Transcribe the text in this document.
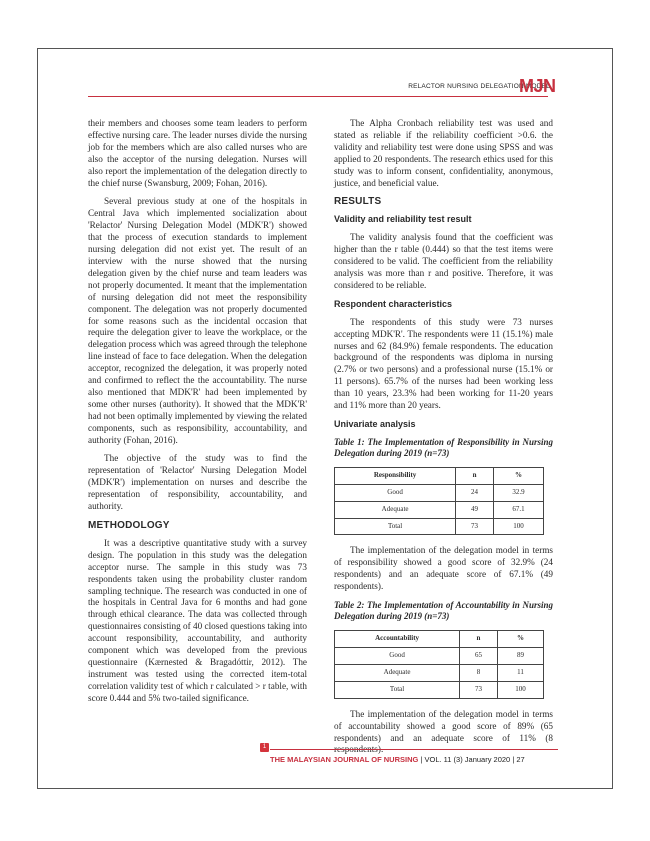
RELACTOR NURSING DELEGATION MODEL
MJN

their members and chooses some team leaders to perform effective nursing care. The leader nurses divide the nursing job for the members which are also called nurses who are also the acceptor of the nursing delegation. Nurses will also report the implementation of the delegation directly to the chief nurse (Swansburg, 2009; Fohan, 2016).

Several previous study at one of the hospitals in Central Java which implemented socialization about 'Relactor' Nursing Delegation Model (MDK'R') showed that the process of execution standards to implement nursing delegation did not exist yet. The result of an interview with the nurse showed that the nursing delegation given by the chief nurse and team leaders was not properly documented. It meant that the implementation of nursing delegation did not meet the responsibility component. The delegation was not properly documented for some reasons such as the incidental occasion that require the delegation giver to leave the workplace, or the delegation process which was agreed through the telephone line instead of face to face delegation. When the delegation acceptor, recognized the delegation, it was properly noted and confirmed to reflect the the accountability. The nurse also mentioned that MDK'R' had been implemented by some other nurses (authority). It showed that the MDK'R' had not been optimally implemented by viewing the related components, such as responsibility, accountability, and authority (Fohan, 2016).

The objective of the study was to find the representation of 'Relactor' Nursing Delegation Model (MDK'R') implementation on nurses and describe the representation of responsibility, accountability, and authority.

METHODOLOGY

It was a descriptive quantitative study with a survey design. The population in this study was the delegation acceptor nurse. The sample in this study was 73 respondents taken using the probability cluster random sampling technique. The research was conducted in one of the hospitals in Central Java for 6 months and had gone through ethical clearance. The data was collected through questionnaires consisting of 40 closed questions taking into account responsibility, accountability, and authority component which was developed from the previous questionnaire (Kærnested & Bragadóttir, 2012). The instrument was tested using the corrected item-total correlation validity test of which r calculated > r table, with score 0.444 and 5% two-tailed significance.

The Alpha Cronbach reliability test was used and stated as reliable if the reliability coefficient >0.6. the validity and reliability test were done using SPSS and was applied to 20 respondents. The research ethics used for this study was to inform consent, confidentiality, anonymous, justice, and beneficial value.

RESULTS
Validity and reliability test result

The validity analysis found that the coefficient was higher than the r table (0.444) so that the test items were considered to be valid. The coefficient from the reliability analysis was more than r and positive. Therefore, it was considered to be reliable.

Respondent characteristics

The respondents of this study were 73 nurses accepting MDK'R'. The respondents were 11 (15.1%) male nurses and 62 (84.9%) female respondents. The education background of the respondents was diploma in nursing (2.7% or two persons) and a professional nurse (15.1% or 11 persons). 65.7% of the nurses had been working less than 10 years, 23.3% had been working for 11-20 years and 11% more than 20 years.

Univariate analysis
Table 1: The Implementation of Responsibility in Nursing Delegation during 2019 (n=73)
Responsibility	n	%
Good	24	32.9
Adequate	49	67.1
Total	73	100

The implementation of the delegation model in terms of responsibility showed a good score of 32.9% (24 respondents) and an adequate score of 67.1% (49 respondents).

Table 2: The Implementation of Accountability in Nursing Delegation during 2019 (n=73)
Accountability	n	%
Good	65	89
Adequate	8	11
Total	73	100

The implementation of the delegation model in terms of accountability showed a good score of 89% (65 respondents) and an adequate score of 11% (8

1
THE MALAYSIAN JOURNAL OF NURSING | VOL. 11 (3) January 2020 | 27
